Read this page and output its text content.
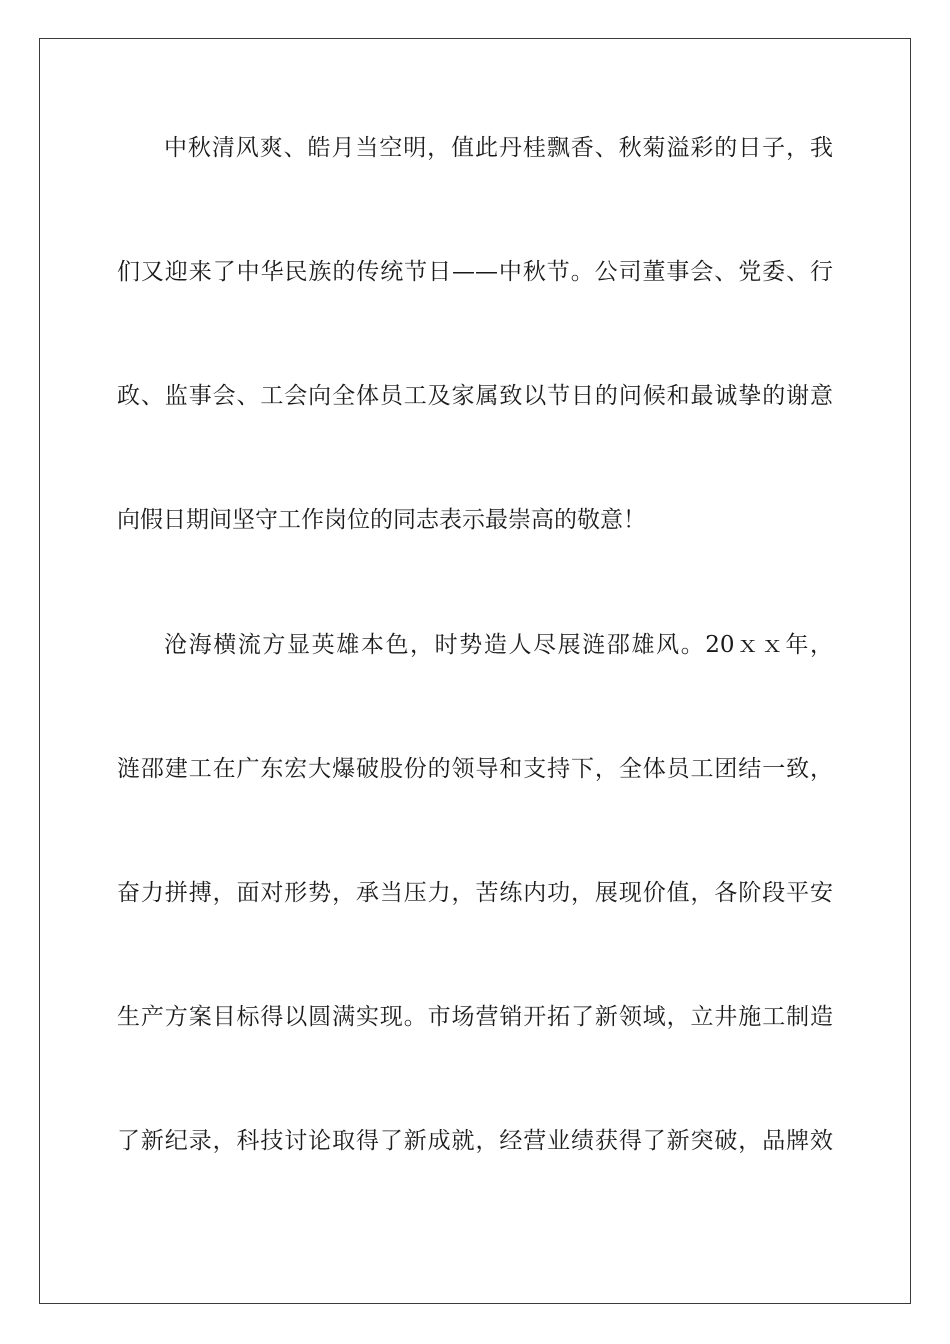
中秋清风爽、皓月当空明，值此丹桂飘香、秋菊溢彩的日子，我
们又迎来了中华民族的传统节日——中秋节。公司董事会、党委、行
政、监事会、工会向全体员工及家属致以节日的问候和最诚挚的谢意
向假日期间坚守工作岗位的同志表示最崇高的敬意！
沧海横流方显英雄本色，时势造人尽展涟邵雄风。20ｘｘ年，
涟邵建工在广东宏大爆破股份的领导和支持下，全体员工团结一致，
奋力拼搏，面对形势，承当压力，苦练内功，展现价值，各阶段平安
生产方案目标得以圆满实现。市场营销开拓了新领域，立井施工制造
了新纪录，科技讨论取得了新成就，经营业绩获得了新突破，品牌效
